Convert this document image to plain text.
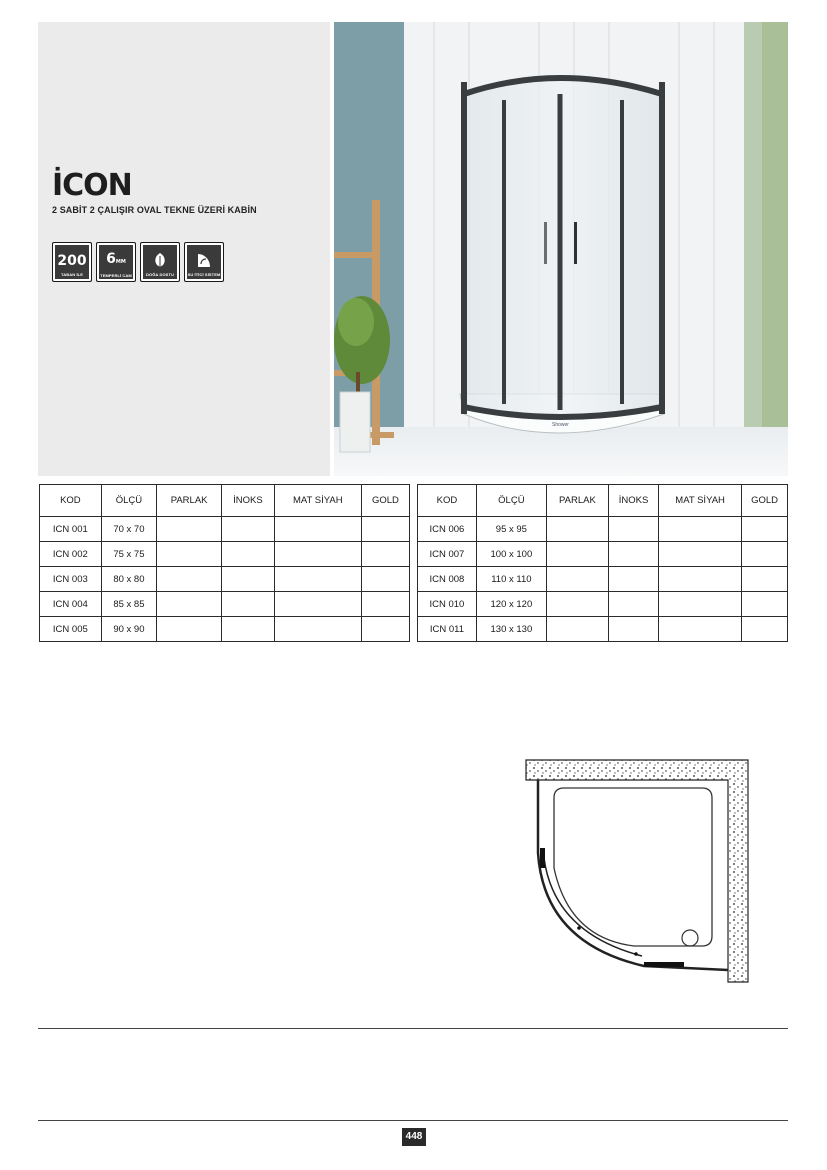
İCON
2 SABİT 2 ÇALIŞIR OVAL TEKNE ÜZERİ KABİN
200
TABAN İLE
6MM
TEMPERLİ CAM	DOĞA DOSTU	SU İTİCİ SİSTEM
Shower
KOD	ÖLÇÜ	PARLAK	İNOKS	MAT SİYAH	GOLD
ICN 001	70 x 70				
ICN 002	75 x 75				
ICN 003	80 x 80				
ICN 004	85 x 85				
ICN 005	90 x 90				
KOD	ÖLÇÜ	PARLAK	İNOKS	MAT SİYAH	GOLD
ICN 006	95 x 95				
ICN 007	100 x 100				
ICN 008	110 x 110				
ICN 010	120 x 120				
ICN 011	130 x 130				
448
